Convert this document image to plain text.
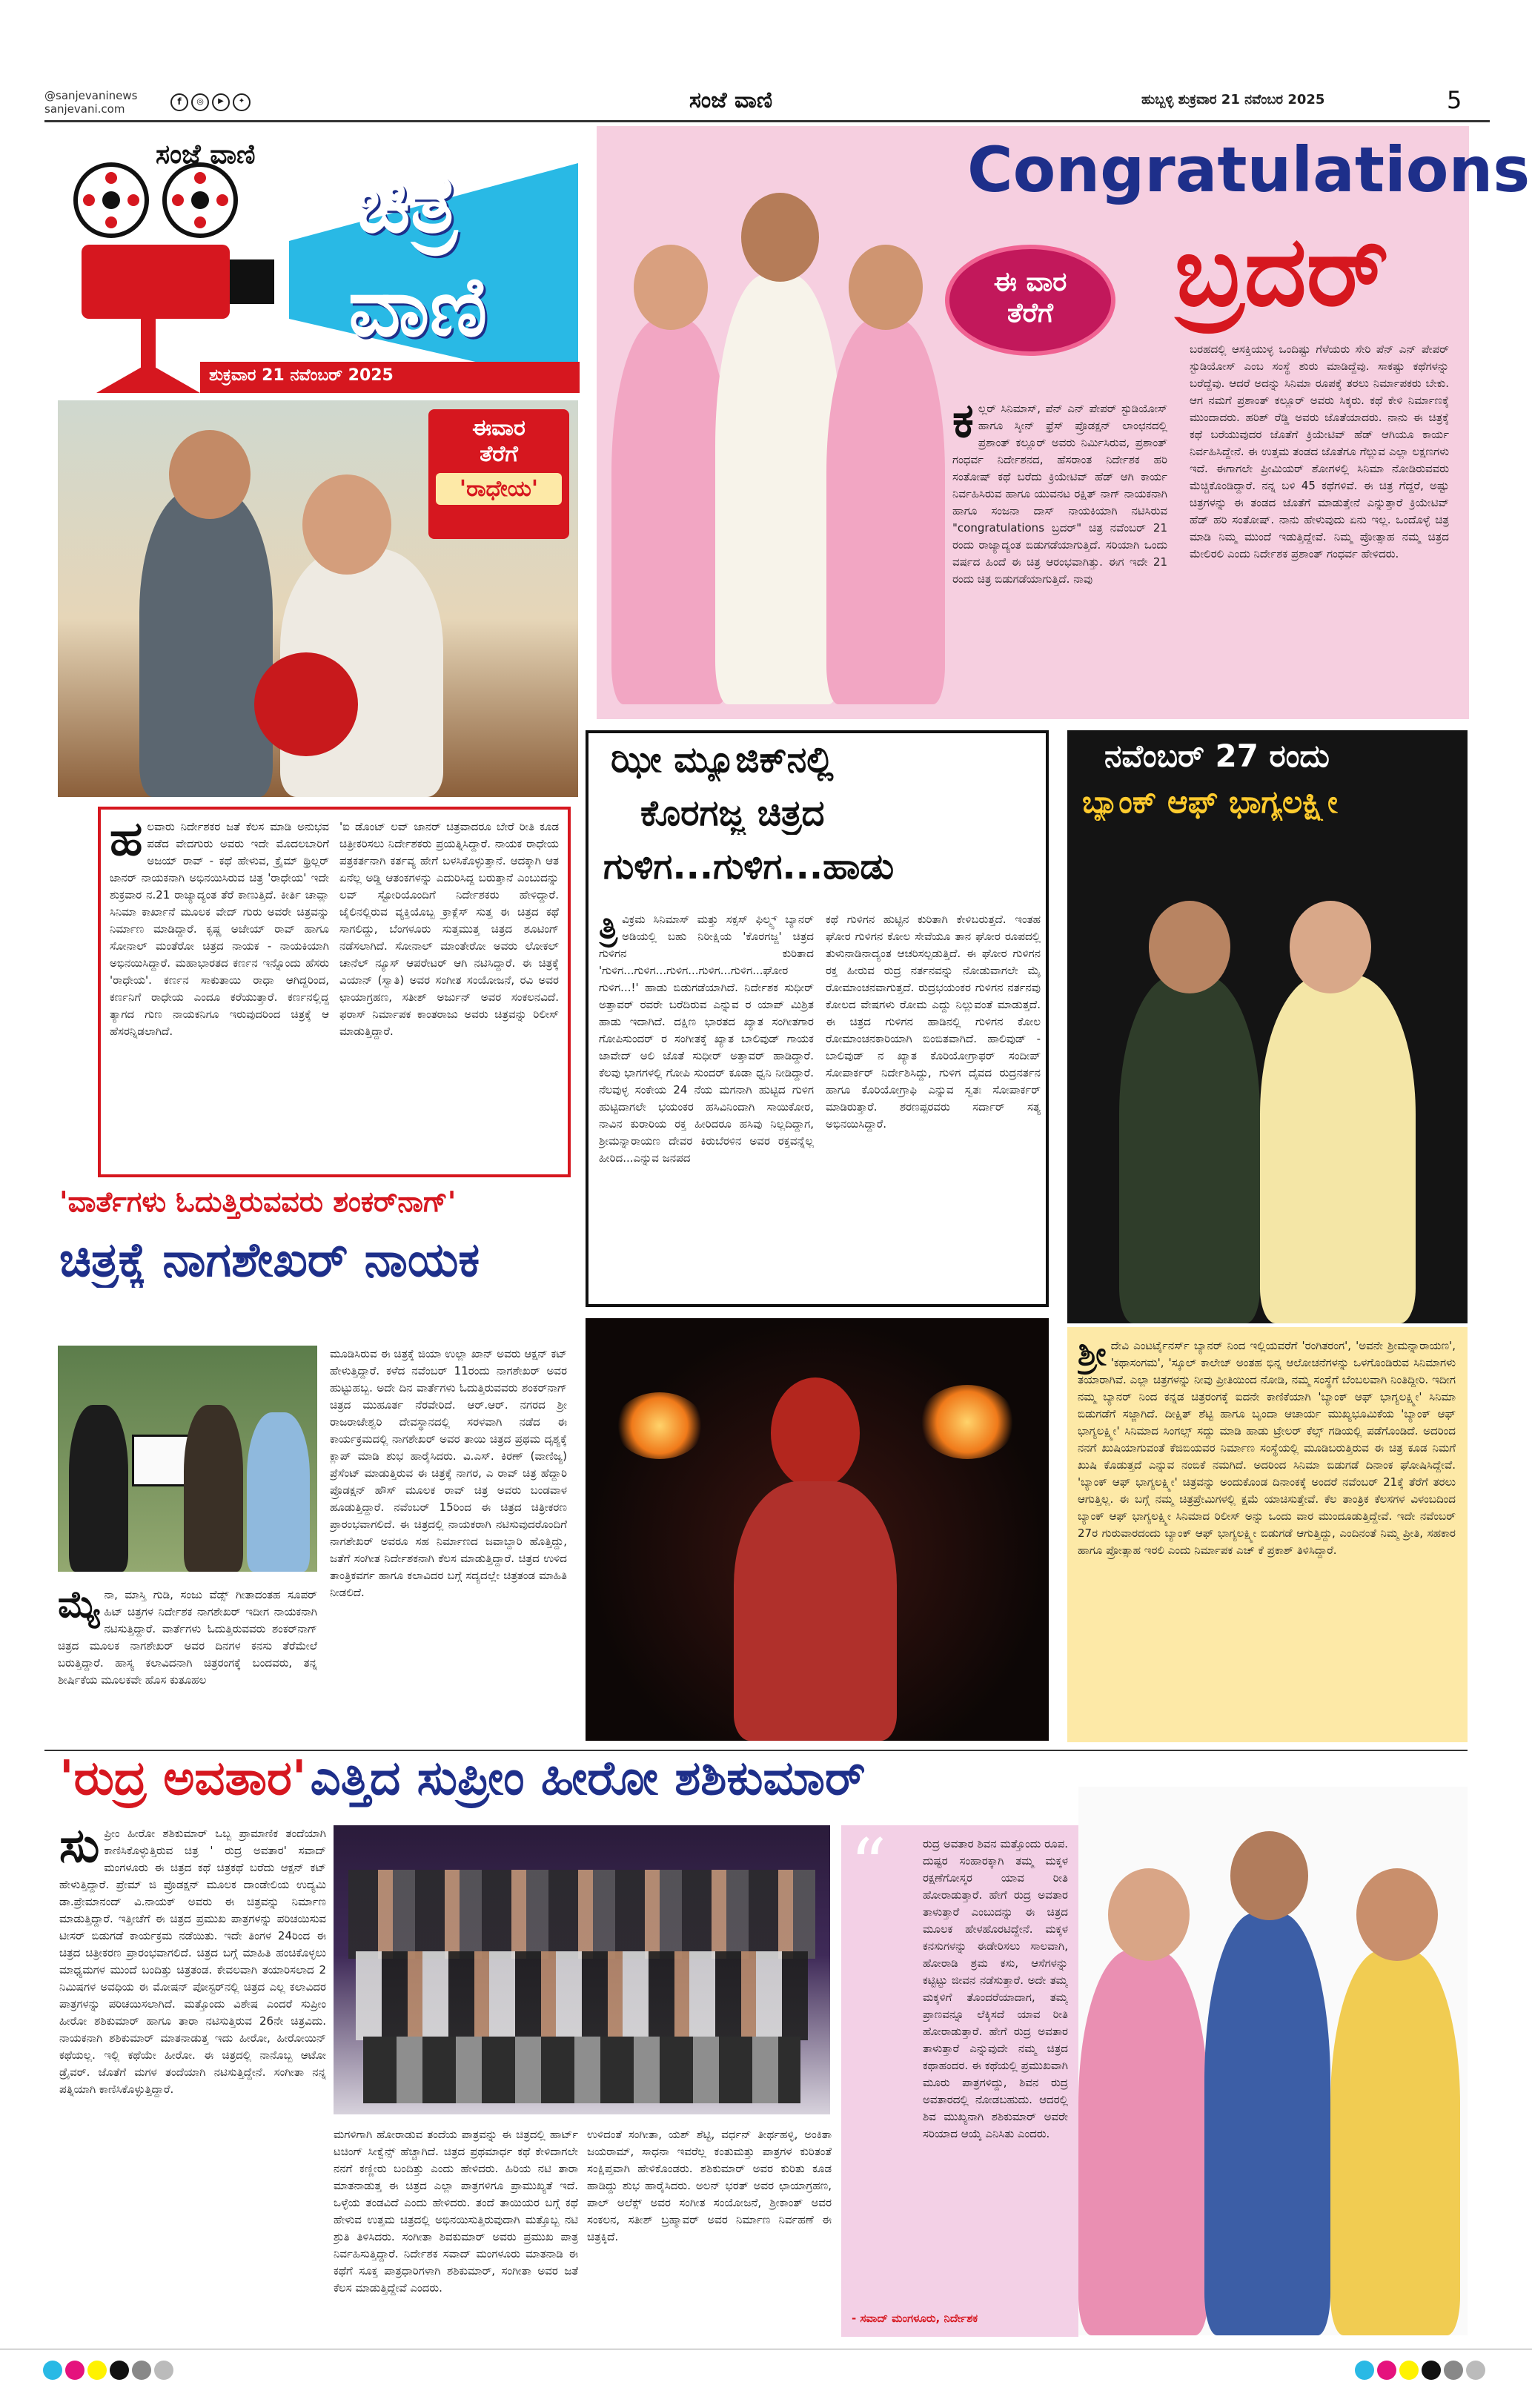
@sanjevaninews
sanjevani.com
f	◎	▶	✦	ಸಂಜೆ ವಾಣಿ	ಹುಬ್ಬಳ್ಳಿ ಶುಕ್ರವಾರ 21 ನವೆಂಬರ 2025	5
ಸಂಜೆ ವಾಣಿ
ಚಿತ್ರ
ವಾಣಿ
ಶುಕ್ರವಾರ 21 ನವೆಂಬರ್ 2025
ಈವಾರ
ತೆರೆಗೆ
'ರಾಧೇಯ'
ಹ ಲವಾರು ನಿರ್ದೇಶಕರ ಜತೆ ಕೆಲಸ ಮಾಡಿ ಅನುಭವ ಪಡೆದ ವೇದಗುರು ಅವರು ಇದೇ ಮೊದಲಬಾರಿಗೆ ಅಜಯ್ ರಾವ್ - ಕಥೆ ಹೇಳುವ, ಕ್ರೈಮ್ ಥ್ರಿಲ್ಲರ್ ಜಾನರ್ ನಾಯಕನಾಗಿ ಅಭಿನಯಿಸಿರುವ ಚಿತ್ರ 'ರಾಧೇಯ' ಇದೇ ಶುಕ್ರವಾರ ನ.21 ರಾಜ್ಯಾದ್ಯಂತ ತೆರೆ ಕಾಣುತ್ತಿದೆ. ಕೀರ್ತಿ ಚಾವ್ಲಾ ಸಿನಿಮಾ ಕಾರ್ಖಾನೆ ಮೂಲಕ ವೇದ್ ಗುರು ಅವರೇ ಚಿತ್ರವನ್ನು ನಿರ್ಮಾಣ ಮಾಡಿದ್ದಾರೆ. ಕೃಷ್ಣ ಅಜೇಯ್ ರಾವ್ ಹಾಗೂ ಸೋನಾಲ್ ಮಂತೆರೋ ಚಿತ್ರದ ನಾಯಕ - ನಾಯಕಿಯಾಗಿ ಅಭಿನಯಿಸಿದ್ದಾರೆ. ಮಹಾಭಾರತದ ಕರ್ಣನ ಇನ್ನೊಂದು ಹೆಸರು 'ರಾಧೇಯ'. ಕರ್ಣನ ಸಾಕುತಾಯಿ ರಾಧಾ ಆಗಿದ್ದರಿಂದ, ಕರ್ಣನಿಗೆ ರಾಧೇಯ ಎಂದೂ ಕರೆಯುತ್ತಾರೆ. ಕರ್ಣನಲ್ಲಿದ್ದ ತ್ಯಾಗದ ಗುಣ ನಾಯಕನಿಗೂ ಇರುವುದರಿಂದ ಚಿತ್ರಕ್ಕೆ ಆ ಹೆಸರನ್ನಿಡಲಾಗಿದೆ.
'ಐ ಡೊಂಟ್ ಲವ್ ಜಾನರ್ ಚಿತ್ರವಾದರೂ ಬೇರೆ ರೀತಿ ಕೂಡ ಚಿತ್ರೀಕರಿಸಲು ನಿರ್ದೇಶಕರು ಪ್ರಯತ್ನಿಸಿದ್ದಾರೆ. ನಾಯಕ ರಾಧೇಯ ಪತ್ರಕರ್ತನಾಗಿ ಕರ್ತವ್ಯ ಹೇಗೆ ಬಳಸಿಕೊಳ್ಳುತ್ತಾನೆ. ಆದಕ್ಕಾಗಿ ಆತ ಏನೆಲ್ಲ ಅಡ್ಡಿ ಆತಂಕಗಳನ್ನು ಎದುರಿಸಿದ್ದ ಬರುತ್ತಾನೆ ಎಂಬುದನ್ನು ಲವ್ ಸ್ಟೋರಿಯೊಂದಿಗೆ ನಿರ್ದೇಶಕರು ಹೇಳಿದ್ದಾರೆ. ಜೈಲಿನಲ್ಲಿರುವ ವ್ಯಕ್ತಿಯೊಬ್ಬ ಕ್ರಾಕ್ಲೆಸ್ ಸುತ್ತ ಈ ಚಿತ್ರದ ಕಥೆ ಸಾಗಲಿದ್ದು, ಬೆಂಗಳೂರು ಸುತ್ತಮುತ್ತ ಚಿತ್ರದ ಶೂಟಿಂಗ್ ನಡೆಸಲಾಗಿದೆ. ಸೋನಾಲ್ ಮಾಂತೇರೋ ಅವರು ಲೋಕಲ್ ಚಾನೆಲ್ ನ್ಯೂಸ್ ಆಪರೇಟರ್ ಆಗಿ ನಟಿಸಿದ್ದಾರೆ. ಈ ಚಿತ್ರಕ್ಕೆ ವಿಯಾನ್ (ಸ್ವಾತಿ) ಅವರ ಸಂಗೀತ ಸಂಯೋಜನೆ, ರವಿ ಅವರ ಛಾಯಾಗ್ರಹಣ, ಸತೀಶ್ ಅರ್ಜುನ್ ಅವರ ಸಂಕಲನವಿದೆ. ಫರಾಸ್ ನಿರ್ಮಾಪಕ ಕಾಂತರಾಜು ಅವರು ಚಿತ್ರವನ್ನು ರಿಲೀಸ್ ಮಾಡುತ್ತಿದ್ದಾರೆ.
Congratulations
ಬ್ರದರ್
ಈ ವಾರ
ತೆರೆಗೆ
ಕ ಲ್ಲರ್ ಸಿನಿಮಾಸ್, ಪೆನ್ ಎನ್ ಪೇಪರ್ ಸ್ಟುಡಿಯೋಸ್ ಹಾಗೂ ಸ್ಕೀನ್ ಫ್ರೆಸ್ ಪ್ರೊಡಕ್ಷನ್ ಲಾಂಛನದಲ್ಲಿ ಪ್ರಶಾಂತ್ ಕಲ್ಲೂರ್ ಅವರು ನಿರ್ಮಿಸಿರುವ, ಪ್ರಶಾಂತ್ ಗಂಧರ್ವ ನಿರ್ದೇಶನದ, ಹೆಸರಾಂತ ನಿರ್ದೇಶಕ ಹರಿ ಸಂತೋಷ್ ಕಥೆ ಬರೆದು ಕ್ರಿಯೇಟಿವ್ ಹೆಡ್ ಆಗಿ ಕಾರ್ಯ ನಿರ್ವಹಿಸಿರುವ ಹಾಗೂ ಯುವನಟ ರಕ್ಷಿತ್ ನಾಗ್ ನಾಯಕನಾಗಿ ಹಾಗೂ ಸಂಜನಾ ದಾಸ್ ನಾಯಕಿಯಾಗಿ ನಟಿಸಿರುವ "congratulations ಬ್ರದರ್" ಚಿತ್ರ ನವೆಂಬರ್ 21 ರಂದು ರಾಜ್ಯಾದ್ಯಂತ ಬಿಡುಗಡೆಯಾಗುತ್ತಿದೆ. ಸರಿಯಾಗಿ ಒಂದು ವರ್ಷದ ಹಿಂದೆ ಈ ಚಿತ್ರ ಆರಂಭವಾಗಿತ್ತು. ಈಗ ಇದೇ 21 ರಂದು ಚಿತ್ರ ಬಿಡುಗಡೆಯಾಗುತ್ತಿದೆ. ನಾವು
ಬರಹದಲ್ಲಿ ಆಸಕ್ತಿಯುಳ್ಳ ಒಂದಿಷ್ಟು ಗೆಳೆಯರು ಸೇರಿ ಪೆನ್ ಎನ್ ಪೇಪರ್ ಸ್ಟುಡಿಯೋಸ್ ಎಂಬ ಸಂಸ್ಥೆ ಶುರು ಮಾಡಿದ್ದೆವು. ಸಾಕಷ್ಟು ಕಥೆಗಳನ್ನು ಬರೆದ್ದೆವು. ಆದರೆ ಅದನ್ನು ಸಿನಿಮಾ ರೂಪಕ್ಕೆ ತರಲು ನಿರ್ಮಾಪಕರು ಬೇಕು. ಆಗ ನಮಗೆ ಪ್ರಶಾಂತ್ ಕಲ್ಲೂರ್ ಅವರು ಸಿಕ್ಕರು. ಕಥೆ ಕೇಳಿ ನಿರ್ಮಾಣಕ್ಕೆ ಮುಂದಾದರು. ಹರಿಶ್ ರೆಡ್ಡಿ ಅವರು ಜೊತೆಯಾದರು. ನಾನು ಈ ಚಿತ್ರಕ್ಕೆ ಕಥೆ ಬರೆಯುವುದರ ಜೊತೆಗೆ ಕ್ರಿಯೇಟಿವ್ ಹೆಡ್ ಆಗಿಯೂ ಕಾರ್ಯ ನಿರ್ವಹಿಸಿದ್ದೇನೆ. ಈ ಉತ್ತಮ ತಂಡದ ಜೊತೆಗೂ ಗೆಲ್ಲುವ ಎಲ್ಲಾ ಲಕ್ಷಣಗಳು ಇದೆ. ಈಗಾಗಲೇ ಪ್ರೀಮಿಯರ್ ಶೋಗಳಲ್ಲಿ ಸಿನಿಮಾ ನೋಡಿರುವವರು ಮೆಚ್ಚಿಕೊಂಡಿದ್ದಾರೆ. ನನ್ನ ಬಳಿ 45 ಕಥೆಗಳಿವೆ. ಈ ಚಿತ್ರ ಗೆದ್ದರೆ, ಅಷ್ಟು ಚಿತ್ರಗಳನ್ನು ಈ ತಂಡದ ಜೊತೆಗೆ ಮಾಡುತ್ತೇನೆ ಎನ್ನುತ್ತಾರೆ ಕ್ರಿಯೇಟಿವ್ ಹೆಡ್ ಹರಿ ಸಂತೋಷ್. ನಾನು ಹೇಳುವುದು ಏನು ಇಲ್ಲ. ಒಂದೊಳ್ಳೆ ಚಿತ್ರ ಮಾಡಿ ನಿಮ್ಮ ಮುಂದೆ ಇಡುತ್ತಿದ್ದೇವೆ. ನಿಮ್ಮ ಪ್ರೋತ್ಸಾಹ ನಮ್ಮ ಚಿತ್ರದ ಮೇಲಿರಲಿ ಎಂದು ನಿರ್ದೇಶಕ ಪ್ರಶಾಂತ್ ಗಂಧರ್ವ ಹೇಳಿದರು.
ಝೀ ಮ್ಯೂಜಿಕ್‌ನಲ್ಲಿ
ಕೊರಗಜ್ಜ ಚಿತ್ರದ
ಗುಳಿಗ...ಗುಳಿಗ...ಹಾಡು
ತ್ರಿ ವಿಕ್ರಮ ಸಿನಿಮಾಸ್ ಮತ್ತು ಸಕ್ಸಸ್ ಫಿಲ್ಮ್ಸ್ ಬ್ಯಾನರ್ ಅಡಿಯಲ್ಲಿ ಬಹು ನಿರೀಕ್ಷಿಯ 'ಕೊರಗಜ್ಜ' ಚಿತ್ರದ ಗುಳಿಗನ ಕುರಿತಾದ 'ಗುಳಿಗ...ಗುಳಿಗ...ಗುಳಿಗ...ಗುಳಿಗ...ಗುಳಿಗ...ಘೋರ ಗುಳಿಗ...!' ಹಾಡು ಬಿಡುಗಡೆಯಾಗಿದೆ. ನಿರ್ದೇಶಕ ಸುಧೀರ್ ಅತ್ತಾವರ್ ರವರೇ ಬರೆದಿರುವ ಎನ್ನುವ ರ ಯಾಪ್ ಮಿಶ್ರಿತ ಹಾಡು ಇದಾಗಿದೆ. ದಕ್ಷಿಣ ಭಾರತದ ಖ್ಯಾತ ಸಂಗೀತಗಾರ ಗೋಪಿಸುಂದರ್ ರ ಸಂಗೀತಕ್ಕೆ ಖ್ಯಾತ ಬಾಲಿವುಡ್ ಗಾಯಕ ಜಾವೇದ್ ಅಲಿ ಜೊತೆ ಸುಧೀರ್ ಅತ್ತಾವರ್ ಹಾಡಿದ್ದಾರೆ. ಕೆಲವು ಭಾಗಗಳಲ್ಲಿ ಗೋಪಿ ಸುಂದರ್ ಕೂಡಾ ಧ್ವನಿ ನೀಡಿದ್ದಾರೆ. ನೆಲವುಳ್ಳ ಸಂಕೇಯ 24 ನೆಯ ಮಗನಾಗಿ ಹುಟ್ಟಿದ ಗುಳಿಗ ಹುಟ್ಟಿದಾಗಲೇ ಭಯಂಕರ ಹಸಿವಿನಿಂದಾಗಿ ಸಾಯಿಕೋರ, ನಾವಿನ ಕುರಾರಿಯ ರಕ್ತ ಹೀರಿದರೂ ಹಸಿವು ನಿಲ್ಲದಿದ್ದಾಗ, ಶ್ರೀಮನ್ನಾರಾಯಣ ದೇವರ ಕಿರುಬೆರಳಿನ ಅವರ ರಕ್ತವನ್ನೆಲ್ಲ ಹೀರಿದ...ಎನ್ನುವ ಜನಪದ
ಕಥೆ ಗುಳಿಗನ ಹುಟ್ಟಿನ ಕುರಿತಾಗಿ ಕೇಳಿಬರುತ್ತದೆ. ಇಂತಹ ಘೋರ ಗುಳಿಗನ ಕೋಲ ಸೇವೆಯೂ ತಾನ ಘೋರ ರೂಪದಲ್ಲಿ ತುಳುನಾಡಿನಾದ್ಯಂತ ಆಚರಿಸಲ್ಪಡುತ್ತಿದೆ. ಈ ಘೋರ ಗುಳಿಗನ ರಕ್ತ ಹೀರುವ ರುದ್ರ ನರ್ತನವನ್ನು ನೋಡುವಾಗಲೇ ಮೈ ರೋಮಾಂಚನವಾಗುತ್ತದೆ. ರುದ್ರಭಯಂಕರ ಗುಳಿಗನ ನರ್ತನವು ಕೋಲದ ವೇಷಗಳು ರೋಮ ಎದ್ದು ನಿಲ್ಲುವಂತೆ ಮಾಡುತ್ತದೆ. ಈ ಚಿತ್ರದ ಗುಳಿಗನ ಹಾಡಿನಲ್ಲಿ ಗುಳಿಗನ ಕೋಲ ರೋಮಾಂಚನಕಾರಿಯಾಗಿ ಬಿಂಬಿತವಾಗಿದೆ. ಹಾಲಿವುಡ್‌ - ಬಾಲಿವುಡ್ ನ ಖ್ಯಾತ ಕೊರಿಯೋಗ್ರಾಫರ್ ಸಂದೀಪ್ ಸೋಪಾರ್ಕರ್ ನಿರ್ದೇಶಿಸಿದ್ದು, ಗುಳಿಗ ದೈವದ ರುದ್ರನರ್ತನ ಹಾಗೂ ಕೊರಿಯೋಗ್ರಾಫಿ ಎನ್ನುವ ಸ್ವತಃ ಸೋಪಾರ್ಕರ್ ಮಾಡಿರುತ್ತಾರೆ. ಶರಣಪ್ಪರವರು ಸರ್ದಾರ್ ಸತ್ಯ ಅಭಿನಯಿಸಿದ್ದಾರೆ.
ನವೆಂಬರ್ 27 ರಂದು
ಬ್ಯಾಂಕ್ ಆಫ್ ಭಾಗ್ಯಲಕ್ಷ್ಮೀ
ಶ್ರೀ ದೇವಿ ಎಂಟರ್ಟೈನರ್ಸ್ ಬ್ಯಾನರ್ ನಿಂದ ಇಲ್ಲಿಯವರೆಗೆ 'ರಂಗಿತರಂಗ', 'ಅವನೇ ಶ್ರೀಮನ್ನಾರಾಯಣ', 'ಕಥಾಸಂಗಮ', 'ಸ್ಕೂಲ್ ಕಾಲೇಜ್ ಅಂತಹ ಭಿನ್ನ ಆಲೋಚನೆಗಳನ್ನು ಒಳಗೊಂಡಿರುವ ಸಿನಿಮಾಗಳು ತಯಾರಾಗಿವೆ. ಎಲ್ಲಾ ಚಿತ್ರಗಳನ್ನು ನೀವು ಪ್ರೀತಿಯಿಂದ ನೋಡಿ, ನಮ್ಮ ಸಂಸ್ಥೆಗೆ ಬೆಂಬಲವಾಗಿ ನಿಂತಿದ್ದೀರಿ. ಇದೀಗ ನಮ್ಮ ಬ್ಯಾನರ್ ನಿಂದ ಕನ್ನಡ ಚಿತ್ರರಂಗಕ್ಕೆ ಐದನೇ ಕಾಣಿಕೆಯಾಗಿ 'ಬ್ಯಾಂಕ್ ಆಫ್ ಭಾಗ್ಯಲಕ್ಷ್ಮೀ' ಸಿನಿಮಾ ಬಿಡುಗಡೆಗೆ ಸಜ್ಜಾಗಿದೆ. ದೀಕ್ಷಿತ್ ಶೆಟ್ಟಿ ಹಾಗೂ ಬೃಂದಾ ಆಚಾರ್ಯ ಮುಖ್ಯಭೂಮಿಕೆಯ 'ಬ್ಯಾಂಕ್ ಆಫ್ ಭಾಗ್ಯಲಕ್ಷ್ಮೀ' ಸಿನಿಮಾದ ಸಿಂಗಲ್ಸ್ ಸದ್ದು ಮಾಡಿ ಹಾಡು ಟ್ರೇಲರ್ ಕೆಲ್ಸ್ ಗಡಿಯಲ್ಲಿ ಪಡೆಗೊಂಡಿದೆ. ಅದರಿಂದ ನನಗೆ ಖುಷಿಯಾಗುವಂತೆ ಕೆಜಿಬಿಯವರ ನಿರ್ಮಾಣ ಸಂಸ್ಥೆಯಲ್ಲಿ ಮೂಡಿಬರುತ್ತಿರುವ ಈ ಚಿತ್ರ ಕೂಡ ನಿಮಗೆ ಖುಷಿ ಕೊಡುತ್ತದೆ ಎನ್ನುವ ನಂಬಿಕೆ ನಮಗಿದೆ. ಅದರಿಂದ ಸಿನಿಮಾ ಬಿಡುಗಡೆ ದಿನಾಂಕ ಘೋಷಿಸಿದ್ದೇವೆ. 'ಬ್ಯಾಂಕ್ ಆಫ್ ಭಾಗ್ಯಲಕ್ಷ್ಮೀ' ಚಿತ್ರವನ್ನು ಅಂದುಕೊಂಡ ದಿನಾಂಕಕ್ಕೆ ಅಂದರೆ ನವೆಂಬರ್ 21ಕ್ಕೆ ತೆರೆಗೆ ತರಲು ಆಗುತ್ತಿಲ್ಲ. ಈ ಬಗ್ಗೆ ನಮ್ಮ ಚಿತ್ರಪ್ರೇಮಿಗಳಲ್ಲಿ ಕ್ಷಮೆ ಯಾಚಿಸುತ್ತೇವೆ. ಕೆಲ ತಾಂತ್ರಿಕ ಕೆಲಸಗಳ ವಿಳಂಬದಿಂದ ಬ್ಯಾಂಕ್ ಆಫ್ ಭಾಗ್ಯಲಕ್ಷ್ಮೀ ಸಿನಿಮಾದ ರಿಲೀಸ್ ಅನ್ನು ಒಂದು ವಾರ ಮುಂದೂಡುತ್ತಿದ್ದೇವೆ. ಇದೇ ನವೆಂಬರ್ 27ರ ಗುರುವಾರದಂದು ಬ್ಯಾಂಕ್ ಆಫ್ ಭಾಗ್ಯಲಕ್ಷ್ಮೀ ಬಿಡುಗಡೆ ಆಗುತ್ತಿದ್ದು, ಎಂದಿನಂತೆ ನಿಮ್ಮ ಪ್ರೀತಿ, ಸಹಕಾರ ಹಾಗೂ ಪ್ರೋತ್ಸಾಹ ಇರಲಿ ಎಂದು ನಿರ್ಮಾಪಕ ಎಚ್ ಕೆ ಪ್ರಕಾಶ್ ತಿಳಿಸಿದ್ದಾರೆ.
'ವಾರ್ತೆಗಳು ಓದುತ್ತಿರುವವರು ಶಂಕರ್‌ನಾಗ್'
ಚಿತ್ರಕ್ಕೆ ನಾಗಶೇಖರ್ ನಾಯಕ
ಮ್ಯೆ ನಾ, ಮಾಸ್ತಿ ಗುಡಿ, ಸಂಜು ವೆಡ್ಸ್ ಗೀತಾದಂತಹ ಸೂಪರ್ ಹಿಟ್ ಚಿತ್ರಗಳ ನಿರ್ದೇಶಕ ನಾಗಶೇಖರ್ ಇದೀಗ ನಾಯಕನಾಗಿ ನಟಿಸುತ್ತಿದ್ದಾರೆ. ವಾರ್ತೆಗಳು ಓದುತ್ತಿರುವವರು ಶಂಕರ್‌ನಾಗ್ ಚಿತ್ರದ ಮೂಲಕ ನಾಗಶೇಖರ್ ಅವರ ದಿನಗಳ ಕನಸು ತೆರೆಮೇಲೆ ಬರುತ್ತಿದ್ದಾರೆ. ಹಾಸ್ಯ ಕಲಾವಿದನಾಗಿ ಚಿತ್ರರಂಗಕ್ಕೆ ಬಂದವರು, ತನ್ನ ಶೀರ್ಷಿಕೆಯ ಮೂಲಕವೇ ಹೊಸ ಕುತೂಹಲ
ಮೂಡಿಸಿರುವ ಈ ಚಿತ್ರಕ್ಕೆ ಜಿಯಾ ಉಲ್ಲಾ ಖಾನ್ ಅವರು ಆಕ್ಷನ್ ಕಟ್ ಹೇಳುತ್ತಿದ್ದಾರೆ. ಕಳೆದ ನವೆಂಬರ್ 11ರಂದು ನಾಗಶೇಖರ್ ಅವರ ಹುಟ್ಟುಹಬ್ಬ. ಅದೇ ದಿನ ವಾರ್ತೆಗಳು ಓದುತ್ತಿರುವವರು ಶಂಕರ್‌ನಾಗ್ ಚಿತ್ರದ ಮುಹೂರ್ತ ನೆರವೇರಿದೆ. ಆರ್.ಆರ್. ನಗರದ ಶ್ರೀ ರಾಜರಾಜೇಶ್ವರಿ ದೇವಸ್ಥಾನದಲ್ಲಿ ಸರಳವಾಗಿ ನಡೆದ ಈ ಕಾರ್ಯಕ್ರಮದಲ್ಲಿ ನಾಗಶೇಖರ್ ಅವರ ತಾಯಿ ಚಿತ್ರದ ಪ್ರಥಮ ದೃಶ್ಯಕ್ಕೆ ಕ್ಲಾಪ್ ಮಾಡಿ ಶುಭ ಹಾರೈಸಿದರು. ವಿ.ಎಸ್. ಕಿರಣ್ (ವಾಣಿಜ್ಯ) ಪ್ರೆಸೆಂಟ್ ಮಾಡುತ್ತಿರುವ ಈ ಚಿತ್ರಕ್ಕೆ ನಾಗರ, ಎ ರಾವ್ ಚಿತ್ರ ಹೆದ್ದಾರಿ ಪ್ರೊಡಕ್ಷನ್ ಹೌಸ್ ಮೂಲಕ ರಾವ್ ಚಿತ್ರ ಅವರು ಬಂಡವಾಳ ಹೂಡುತ್ತಿದ್ದಾರೆ. ನವೆಂಬರ್ 15ರಿಂದ ಈ ಚಿತ್ರದ ಚಿತ್ರೀಕರಣ ಪ್ರಾರಂಭವಾಗಲಿದೆ. ಈ ಚಿತ್ರದಲ್ಲಿ ನಾಯಕರಾಗಿ ನಟಿಸುವುದರೊಂದಿಗೆ ನಾಗಶೇಖರ್ ಅವರೂ ಸಹ ನಿರ್ಮಾಣದ ಜವಾಬ್ದಾರಿ ಹೊತ್ತಿದ್ದು, ಜತೆಗೆ ಸಂಗೀತ ನಿರ್ದೇಶಕನಾಗಿ ಕೆಲಸ ಮಾಡುತ್ತಿದ್ದಾರೆ. ಚಿತ್ರದ ಉಳಿದ ತಾಂತ್ರಿಕವರ್ಗ ಹಾಗೂ ಕಲಾವಿದರ ಬಗ್ಗೆ ಸದ್ಯದಲ್ಲೇ ಚಿತ್ರತಂಡ ಮಾಹಿತಿ ನೀಡಲಿದೆ.
'ರುದ್ರ ಅವತಾರ' ಎತ್ತಿದ ಸುಪ್ರೀಂ ಹೀರೋ ಶಶಿಕುಮಾರ್
ಸು ಪ್ರೀಂ ಹೀರೋ ಶಶಿಕುಮಾರ್ ಒಬ್ಬ ಪ್ರಾಮಾಣಿಕ ತಂದೆಯಾಗಿ ಕಾಣಿಸಿಕೊಳ್ಳುತ್ತಿರುವ ಚಿತ್ರ ' ರುದ್ರ ಅವತಾರ' ಸವಾದ್ ಮಂಗಳೂರು ಈ ಚಿತ್ರದ ಕಥೆ ಚಿತ್ರಕಥೆ ಬರೆದು ಆಕ್ಷನ್ ಕಟ್ ಹೇಳುತ್ತಿದ್ದಾರೆ. ಪ್ರೇಮ್ ಜಿ ಪ್ರೊಡಕ್ಷನ್ ಮೂಲಕ ದಾಂಡೇಲಿಯ ಉದ್ಯಮಿ ಡಾ.ಪ್ರೇಮಾನಂದ್ ವಿ.ನಾಯಕ್ ಅವರು ಈ ಚಿತ್ರವನ್ನು ನಿರ್ಮಾಣ ಮಾಡುತ್ತಿದ್ದಾರೆ. ಇತ್ತೀಚೆಗೆ ಈ ಚಿತ್ರದ ಪ್ರಮುಖ ಪಾತ್ರಗಳನ್ನು ಪರಿಚಯಿಸುವ ಟೀಸರ್ ಬಿಡುಗಡೆ ಕಾರ್ಯಕ್ರಮ ನಡೆಯಿತು. ಇದೇ ತಿಂಗಳ 24ರಿಂದ ಈ ಚಿತ್ರದ ಚಿತ್ರೀಕರಣ ಪ್ರಾರಂಭವಾಗಲಿದೆ. ಚಿತ್ರದ ಬಗ್ಗೆ ಮಾಹಿತಿ ಹಂಚಿಕೊಳ್ಳಲು ಮಾಧ್ಯಮಗಳ ಮುಂದೆ ಬಂದಿತ್ತು ಚಿತ್ರತಂಡ. ಕೇವಲವಾಗಿ ತಯಾರಿಸಲಾದ 2 ನಿಮಿಷಗಳ ಅವಧಿಯ ಈ ಮೋಷನ್ ಪೋಸ್ಟರ್‌ನಲ್ಲಿ ಚಿತ್ರದ ಎಲ್ಲ ಕಲಾವಿದರ ಪಾತ್ರಗಳನ್ನು ಪರಿಚಯಿಸಲಾಗಿದೆ. ಮತ್ತೊಂದು ವಿಶೇಷ ಎಂದರೆ ಸುಪ್ರೀಂ ಹೀರೋ ಶಶಿಕುಮಾರ್ ಹಾಗೂ ತಾರಾ ನಟಿಸುತ್ತಿರುವ 26ನೇ ಚಿತ್ರವಿದು. ನಾಯಕನಾಗಿ ಶಶಿಕುಮಾರ್ ಮಾತನಾಡುತ್ತ ಇದು ಹೀರೋ, ಹೀರೋಯಿನ್ ಕಥೆಯಲ್ಲ. ಇಲ್ಲಿ ಕಥೆಯೇ ಹೀರೋ. ಈ ಚಿತ್ರದಲ್ಲಿ ನಾನೊಬ್ಬ ಆಟೋ ಡ್ರೈವರ್. ಜೊತೆಗೆ ಮಗಳ ತಂದೆಯಾಗಿ ನಟಿಸುತ್ತಿದ್ದೇನೆ. ಸಂಗೀತಾ ನನ್ನ ಪತ್ನಿಯಾಗಿ ಕಾಣಿಸಿಕೊಳ್ಳುತ್ತಿದ್ದಾರೆ.
ಮಗಳಿಗಾಗಿ ಹೋರಾಡುವ ತಂದೆಯ ಪಾತ್ರವನ್ನು ಈ ಚಿತ್ರದಲ್ಲಿ ಹಾರ್ಟ್ ಟಚಿಂಗ್ ಸೀಕ್ವೆನ್ಸ್ ಹೆಚ್ಚಾಗಿದೆ. ಚಿತ್ರದ ಪ್ರಥಮಾರ್ಧ ಕಥೆ ಕೇಳಿದಾಗಲೇ ನನಗೆ ಕಣ್ಣೀರು ಬಂದಿತ್ತು ಎಂದು ಹೇಳಿದರು. ಹಿರಿಯ ನಟಿ ತಾರಾ ಮಾತನಾಡುತ್ತ ಈ ಚಿತ್ರದ ಎಲ್ಲಾ ಪಾತ್ರಗಳಿಗೂ ಪ್ರಾಮುಖ್ಯತೆ ಇದೆ. ಒಳ್ಳೆಯ ತಂಡವಿದೆ ಎಂದು ಹೇಳಿದರು. ತಂದೆ ತಾಯಿಯರ ಬಗ್ಗೆ ಕಥೆ ಹೇಳುವ ಉತ್ತಮ ಚಿತ್ರದಲ್ಲಿ ಅಭಿನಯಿಸುತ್ತಿರುವುದಾಗಿ ಮತ್ತೊಬ್ಬ ನಟಿ ಶ್ರುತಿ ತಿಳಿಸಿದರು. ಸಂಗೀತಾ ಶಿವಕುಮಾರ್ ಅವರು ಪ್ರಮುಖ ಪಾತ್ರ ನಿರ್ವಹಿಸುತ್ತಿದ್ದಾರೆ. ನಿರ್ದೇಶಕ ಸವಾದ್ ಮಂಗಳೂರು ಮಾತನಾಡಿ ಈ ಕಥೆಗೆ ಸೂಕ್ತ ಪಾತ್ರಧಾರಿಗಳಾಗಿ ಶಶಿಕುಮಾರ್, ಸಂಗೀತಾ ಅವರ ಜತೆ ಕೆಲಸ ಮಾಡುತ್ತಿದ್ದೇವೆ ಎಂದರು.
ಉಳಿದಂತೆ ಸಂಗೀತಾ, ಯಶ್ ಶೆಟ್ಟಿ, ವರ್ಧನ್ ತೀರ್ಥಹಳ್ಳಿ, ಅಂಕಿತಾ ಜಯರಾಮ್, ಸಾಧನಾ ಇವರೆಲ್ಲ ಕಂತುಮತ್ತು ಪಾತ್ರಗಳ ಕುರಿತಂತೆ ಸಂಕ್ಷಿಪ್ತವಾಗಿ ಹೇಳಿಕೊಂಡರು. ಶಶಿಕುಮಾರ್ ಅವರ ಕುರಿತು ಕೂಡ ಹಾಡಿದ್ದು ಶುಭ ಹಾರೈಸಿದರು. ಅಲನ್ ಭರತ್ ಅವರ ಛಾಯಾಗ್ರಹಣ, ಪಾಲ್ ಅಲೆಕ್ಸ್ ಅವರ ಸಂಗೀತ ಸಂಯೋಜನೆ, ಶ್ರೀಕಾಂತ್ ಅವರ ಸಂಕಲನ, ಸತೀಶ್ ಬ್ರಹ್ಮಾವರ್ ಅವರ ನಿರ್ಮಾಣ ನಿರ್ವಹಣೆ ಈ ಚಿತ್ರಕ್ಕಿದೆ.
“	ರುದ್ರ ಅವತಾರ ಶಿವನ ಮತ್ತೊಂದು ರೂಪ. ದುಷ್ಟರ ಸಂಹಾರಕ್ಕಾಗಿ ತಮ್ಮ ಮಕ್ಕಳ ರಕ್ಷಣೆಗೋಸ್ಕರ ಯಾವ ರೀತಿ ಹೋರಾಡುತ್ತಾರೆ. ಹೇಗೆ ರುದ್ರ ಅವತಾರ ತಾಳುತ್ತಾರೆ ಎಂಬುದನ್ನು ಈ ಚಿತ್ರದ ಮೂಲಕ ಹೇಳಹೊರಟಿದ್ದೇನೆ. ಮಕ್ಕಳ ಕನಸುಗಳನ್ನು ಈಡೇರಿಸಲು ಸಾಲವಾಗಿ, ಹೋರಾಡಿ ಶ್ರಮ ಕಸು, ಆಸೆಗಳನ್ನು ಕಟ್ಟಿಟ್ಟು ಜೀವನ ನಡೆಸುತ್ತಾರೆ. ಅದೇ ತಮ್ಮ ಮಕ್ಕಳಿಗೆ ತೊಂದರೆಯಾದಾಗ, ತಮ್ಮ ಪ್ರಾಣವನ್ನೂ ಲೆಕ್ಕಿಸದೆ ಯಾವ ರೀತಿ ಹೋರಾಡುತ್ತಾರೆ. ಹೇಗೆ ರುದ್ರ ಅವತಾರ ತಾಳುತ್ತಾರೆ ಎನ್ನುವುದೇ ನಮ್ಮ ಚಿತ್ರದ ಕಥಾಹಂದರ. ಈ ಕಥೆಯಲ್ಲಿ ಪ್ರಮುಖವಾಗಿ ಮೂರು ಪಾತ್ರಗಳಿದ್ದು, ಶಿವನ ರುದ್ರ ಅವತಾರದಲ್ಲಿ ನೋಡಬಹುದು. ಆದರಲ್ಲಿ ಶಿವ ಮುಖ್ಯನಾಗಿ ಶಶಿಕುಮಾರ್ ಅವರೇ ಸರಿಯಾದ ಆಯ್ಕೆ ಎನಿಸಿತು ಎಂದರು.
- ಸವಾದ್ ಮಂಗಳೂರು, ನಿರ್ದೇಶಕ
